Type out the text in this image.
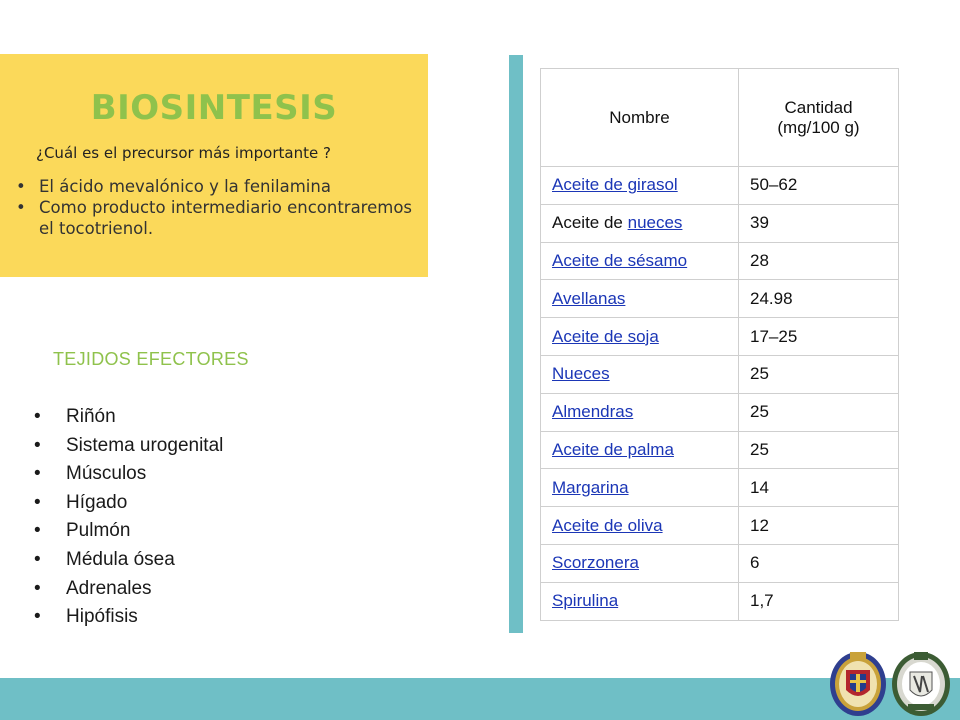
BIOSINTESIS
¿Cuál es el precursor más importante ?
• El ácido mevalónico y la fenilamina
• Como producto intermediario encontraremos el tocotrienol.
TEJIDOS EFECTORES
• Riñón
• Sistema urogenital
• Músculos
• Hígado
• Pulmón
• Médula ósea
• Adrenales
• Hipófisis
Nombre	Cantidad
(mg/100 g)
Aceite de girasol	50–62
Aceite de nueces	39
Aceite de sésamo	28
Avellanas	24.98
Aceite de soja	17–25
Nueces	25
Almendras	25
Aceite de palma	25
Margarina	14
Aceite de oliva	12
Scorzonera	6
Spirulina	1,7
